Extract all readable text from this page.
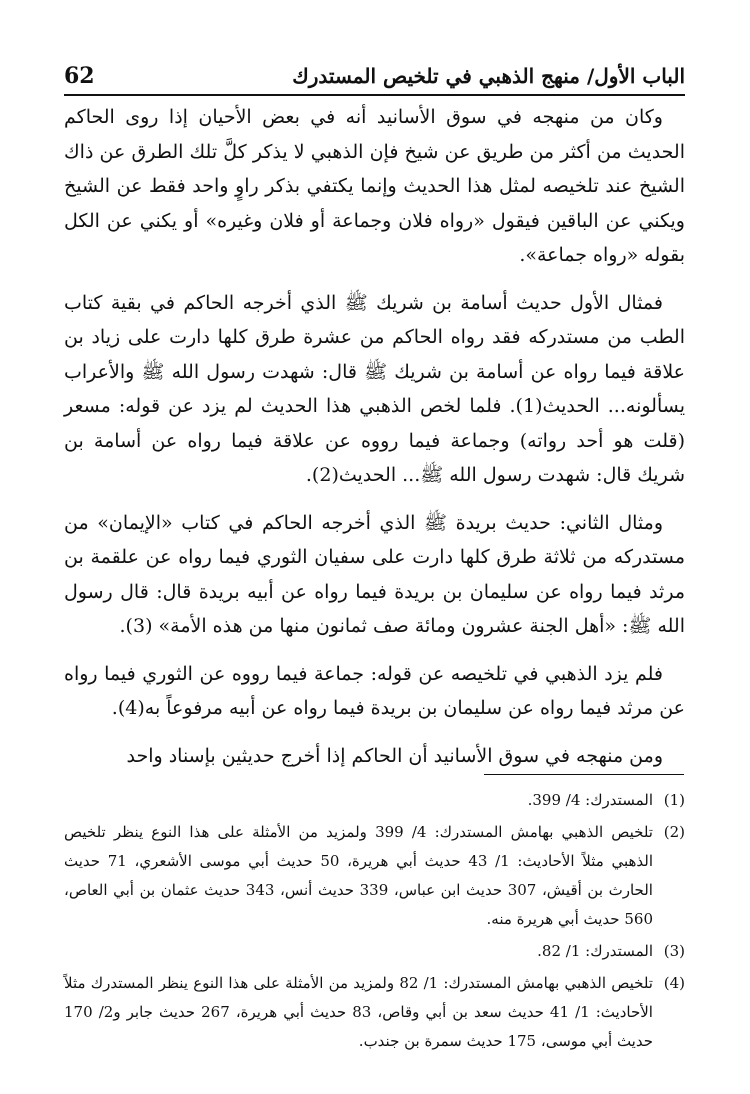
الباب الأول/ منهج الذهبي في تلخيص المستدرك
62

وكان من منهجه في سوق الأسانيد أنه في بعض الأحيان إذا روى الحاكم الحديث من أكثر من طريق عن شيخ فإن الذهبي لا يذكر كلَّ تلك الطرق عن ذاك الشيخ عند تلخيصه لمثل هذا الحديث وإنما يكتفي بذكر راوٍ واحد فقط عن الشيخ ويكني عن الباقين فيقول «رواه فلان وجماعة أو فلان وغيره» أو يكني عن الكل بقوله «رواه جماعة».

فمثال الأول حديث أسامة بن شريك ﷺ الذي أخرجه الحاكم في بقية كتاب الطب من مستدركه فقد رواه الحاكم من عشرة طرق كلها دارت على زياد بن علاقة فيما رواه عن أسامة بن شريك ﷺ قال: شهدت رسول الله ﷺ والأعراب يسألونه... الحديث(1). فلما لخص الذهبي هذا الحديث لم يزد عن قوله: مسعر (قلت هو أحد رواته) وجماعة فيما رووه عن علاقة فيما رواه عن أسامة بن شريك قال: شهدت رسول الله ﷺ... الحديث(2).

ومثال الثاني: حديث بريدة ﷺ الذي أخرجه الحاكم في كتاب «الإيمان» من مستدركه من ثلاثة طرق كلها دارت على سفيان الثوري فيما رواه عن علقمة بن مرثد فيما رواه عن سليمان بن بريدة فيما رواه عن أبيه بريدة قال: قال رسول الله ﷺ: «أهل الجنة عشرون ومائة صف ثمانون منها من هذه الأمة» (3).

فلم يزد الذهبي في تلخيصه عن قوله: جماعة فيما رووه عن الثوري فيما رواه عن مرثد فيما رواه عن سليمان بن بريدة فيما رواه عن أبيه مرفوعاً به(4).

ومن منهجه في سوق الأسانيد أن الحاكم إذا أخرج حديثين بإسناد واحد

(1)
المستدرك: 4/ 399.
(2)
تلخيص الذهبي بهامش المستدرك: 4/ 399 ولمزيد من الأمثلة على هذا النوع ينظر تلخيص الذهبي مثلاً الأحاديث: 1/ 43 حديث أبي هريرة، 50 حديث أبي موسى الأشعري، 71 حديث الحارث بن أقيش، 307 حديث ابن عباس، 339 حديث أنس، 343 حديث عثمان بن أبي العاص، 560 حديث أبي هريرة منه.
(3)
المستدرك: 1/ 82.
(4)
تلخيص الذهبي بهامش المستدرك: 1/ 82 ولمزيد من الأمثلة على هذا النوع ينظر المستدرك مثلاً الأحاديث: 1/ 41 حديث سعد بن أبي وقاص، 83 حديث أبي هريرة، 267 حديث جابر و2/ 170 حديث أبي موسى، 175 حديث سمرة بن جندب.
